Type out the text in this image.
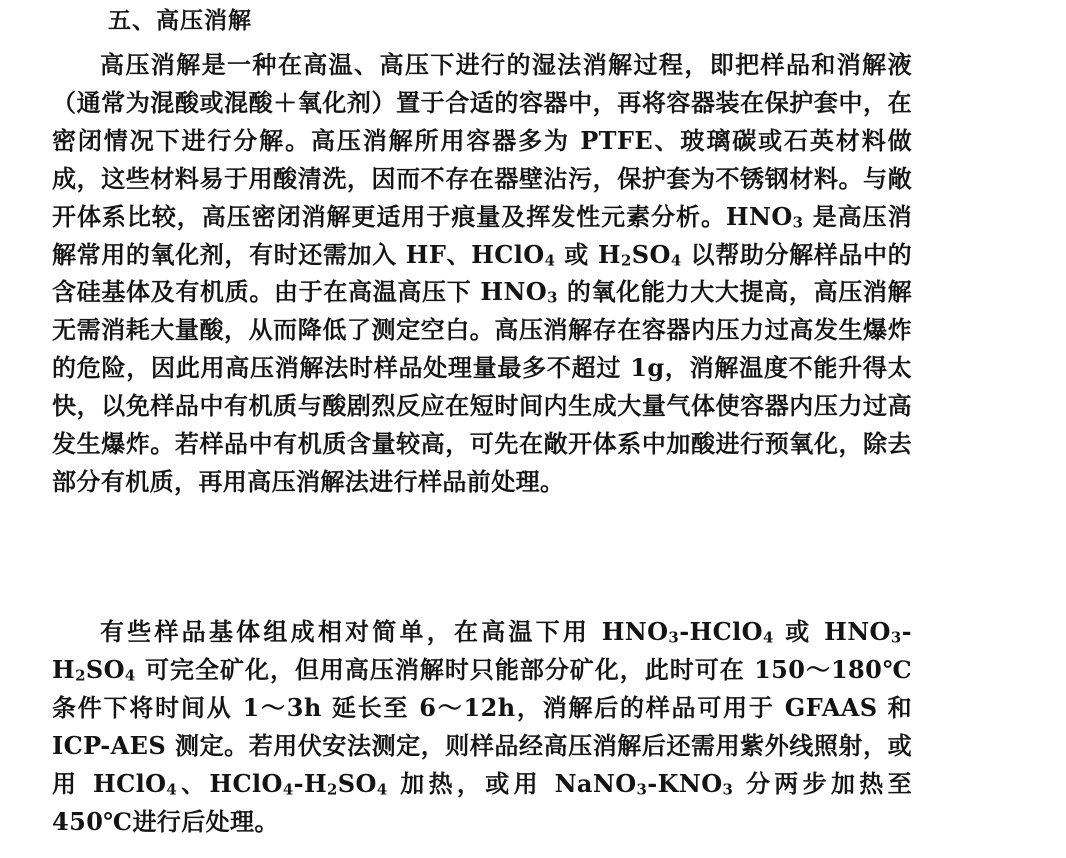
五、高压消解

高压消解是一种在高温、高压下进行的湿法消解过程，即把样品和消解液（通常为混酸或混酸＋氧化剂）置于合适的容器中，再将容器装在保护套中，在密闭情况下进行分解。高压消解所用容器多为 PTFE、玻璃碳或石英材料做成，这些材料易于用酸清洗，因而不存在器壁沾污，保护套为不锈钢材料。与敞开体系比较，高压密闭消解更适用于痕量及挥发性元素分析。$HNO_3$ 是高压消解常用的氧化剂，有时还需加入 HF、HClO$_4$ 或 $H_2SO_4$ 以帮助分解样品中的含硅基体及有机质。由于在高温高压下 $HNO_3$ 的氧化能力大大提高，高压消解无需消耗大量酸，从而降低了测定空白。高压消解存在容器内压力过高发生爆炸的危险，因此用高压消解法时样品处理量最多不超过 1g，消解温度不能升得太快，以免样品中有机质与酸剧烈反应在短时间内生成大量气体使容器内压力过高发生爆炸。若样品中有机质含量较高，可先在敞开体系中加酸进行预氧化，除去部分有机质，再用高压消解法进行样品前处理。

有些样品基体组成相对简单，在高温下用 $HNO_3-HClO_4$ 或 $HNO_3-H_2SO_4$ 可完全矿化，但用高压消解时只能部分矿化，此时可在 150～180℃条件下将时间从 1～3h 延长至 6～12h，消解后的样品可用于 GFAAS 和 ICP-AES 测定。若用伏安法测定，则样品经高压消解后还需用紫外线照射，或用 HClO$_4$、$HClO_4-H_2SO_4$ 加热，或用 $NaNO_3-KNO_3$ 分两步加热至 450℃进行后处理。
